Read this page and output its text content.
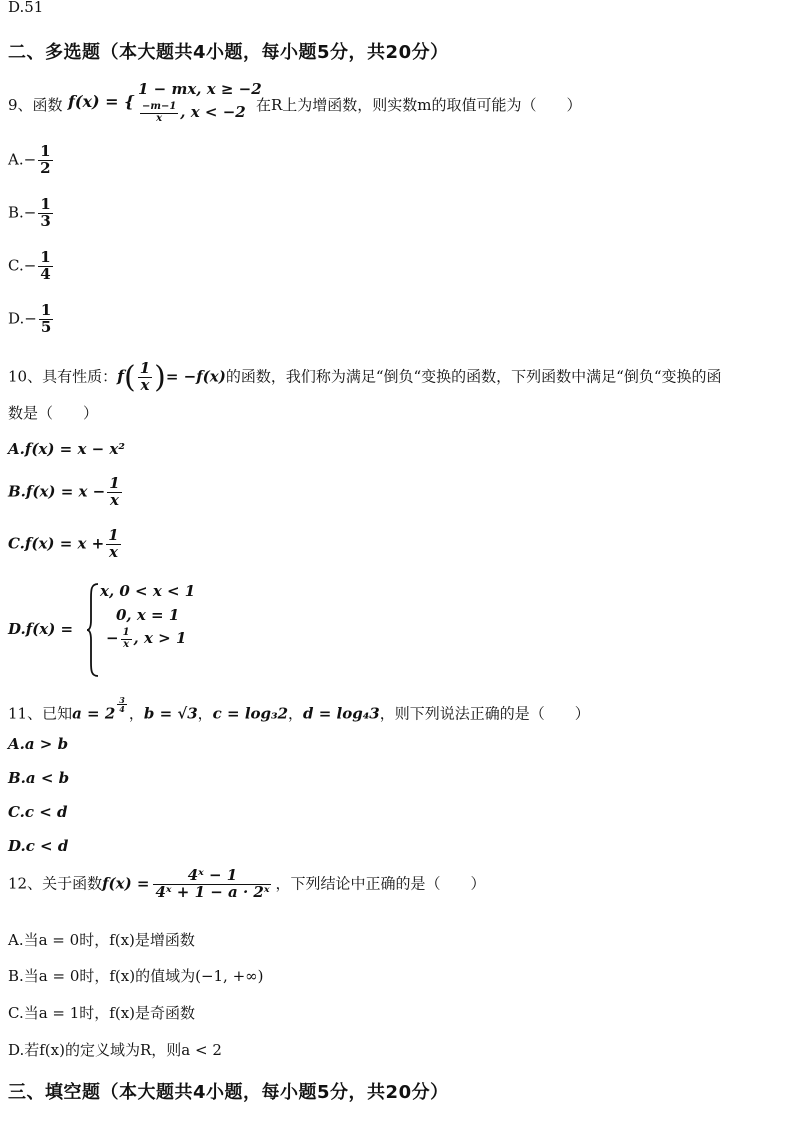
D.51
二、多选题（本大题共4小题，每小题5分，共20分）
9、函数 f(x) = {
1 − mx, x ≥ −2
$\frac{-m-1}{x}$ , x < −2 在R上为增函数，则实数m的取值可能为（　　）
$A.- \frac{1}{2}$
$B.- \frac{1}{3}$
$C.- \frac{1}{4}$
$D.- \frac{1}{5}$
10、具有性质：$f( \frac{1}{x}$ )= −f(x)的函数，我们称为满足“倒负“变换的函数，下列函数中满足“倒负“变换的函
数是（　　）
A.f(x) = x − x²
$B.f(x) = x - \frac{1}{x}$
$C.f(x) = x + \frac{1}{x}$
D.f(x) =
x, 0 < x < 1
0, x = 1
− $\frac{1}{x}$ , x > 1
11、已知$a = 2 \frac{3}{4}$ ，b = √3，c = log₃2，d = log₄3，则下列说法正确的是（　　）
A.a > b
B.a < b
C.c < d
D.c < d
12、关于函数$f(x) = \frac{\text{4ˣ − 1}}{\text{4ˣ + 1 − a · 2ˣ}}$ ，下列结论中正确的是（　　）
A.当a = 0时，f(x)是增函数
B.当a = 0时，f(x)的值域为(−1, +∞)
C.当a = 1时，f(x)是奇函数
D.若f(x)的定义域为R，则a < 2
三、填空题（本大题共4小题，每小题5分，共20分）
